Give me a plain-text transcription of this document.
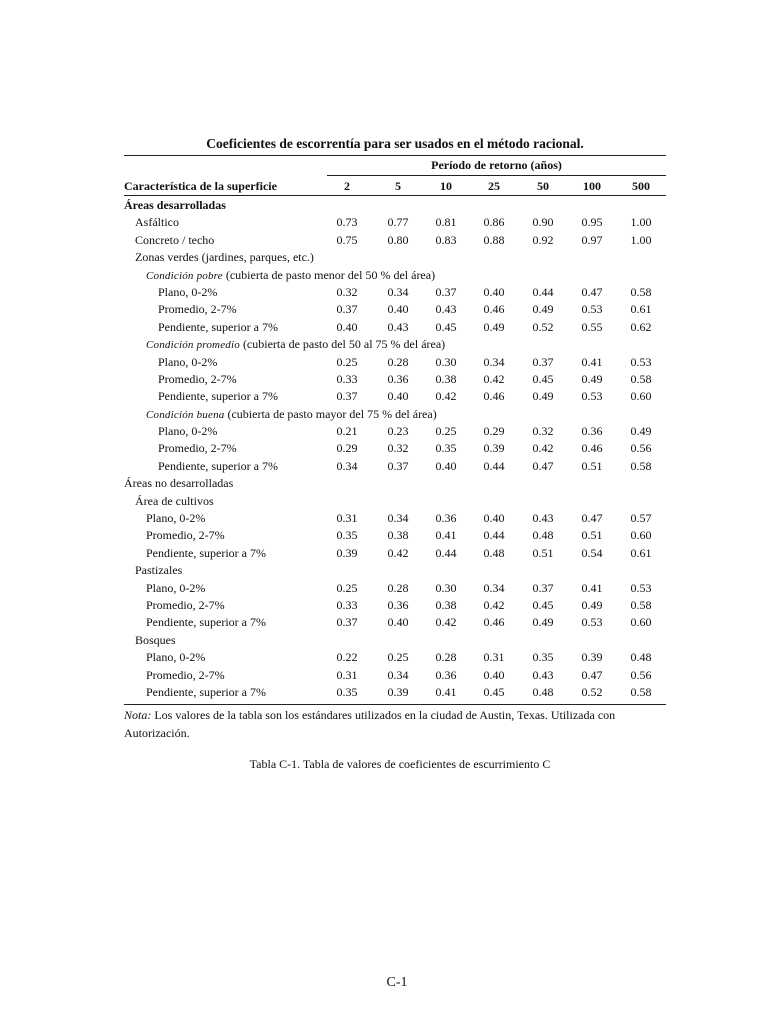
Coeficientes de escorrentía para ser usados en el método racional.
Período de retorno (años)
Característica de la superficie	2	5	10	25	50	100	500
Áreas desarrolladas
Asfáltico	0.73	0.77	0.81	0.86	0.90	0.95	1.00
Concreto / techo	0.75	0.80	0.83	0.88	0.92	0.97	1.00
Zonas verdes (jardines, parques, etc.)
Condición pobre (cubierta de pasto menor del 50 % del área)
Plano, 0-2%	0.32	0.34	0.37	0.40	0.44	0.47	0.58
Promedio, 2-7%	0.37	0.40	0.43	0.46	0.49	0.53	0.61
Pendiente, superior a 7%	0.40	0.43	0.45	0.49	0.52	0.55	0.62
Condición promedio (cubierta de pasto del 50 al 75 % del área)
Plano, 0-2%	0.25	0.28	0.30	0.34	0.37	0.41	0.53
Promedio, 2-7%	0.33	0.36	0.38	0.42	0.45	0.49	0.58
Pendiente, superior a 7%	0.37	0.40	0.42	0.46	0.49	0.53	0.60
Condición buena (cubierta de pasto mayor del 75 % del área)
Plano, 0-2%	0.21	0.23	0.25	0.29	0.32	0.36	0.49
Promedio, 2-7%	0.29	0.32	0.35	0.39	0.42	0.46	0.56
Pendiente, superior a 7%	0.34	0.37	0.40	0.44	0.47	0.51	0.58
Áreas no desarrolladas
Área de cultivos
Plano, 0-2%	0.31	0.34	0.36	0.40	0.43	0.47	0.57
Promedio, 2-7%	0.35	0.38	0.41	0.44	0.48	0.51	0.60
Pendiente, superior a 7%	0.39	0.42	0.44	0.48	0.51	0.54	0.61
Pastizales
Plano, 0-2%	0.25	0.28	0.30	0.34	0.37	0.41	0.53
Promedio, 2-7%	0.33	0.36	0.38	0.42	0.45	0.49	0.58
Pendiente, superior a 7%	0.37	0.40	0.42	0.46	0.49	0.53	0.60
Bosques
Plano, 0-2%	0.22	0.25	0.28	0.31	0.35	0.39	0.48
Promedio, 2-7%	0.31	0.34	0.36	0.40	0.43	0.47	0.56
Pendiente, superior a 7%	0.35	0.39	0.41	0.45	0.48	0.52	0.58
Nota: Los valores de la tabla son los estándares utilizados en la ciudad de Austin, Texas. Utilizada con Autorización.
Tabla C-1. Tabla de valores de coeficientes de escurrimiento C
C-1
